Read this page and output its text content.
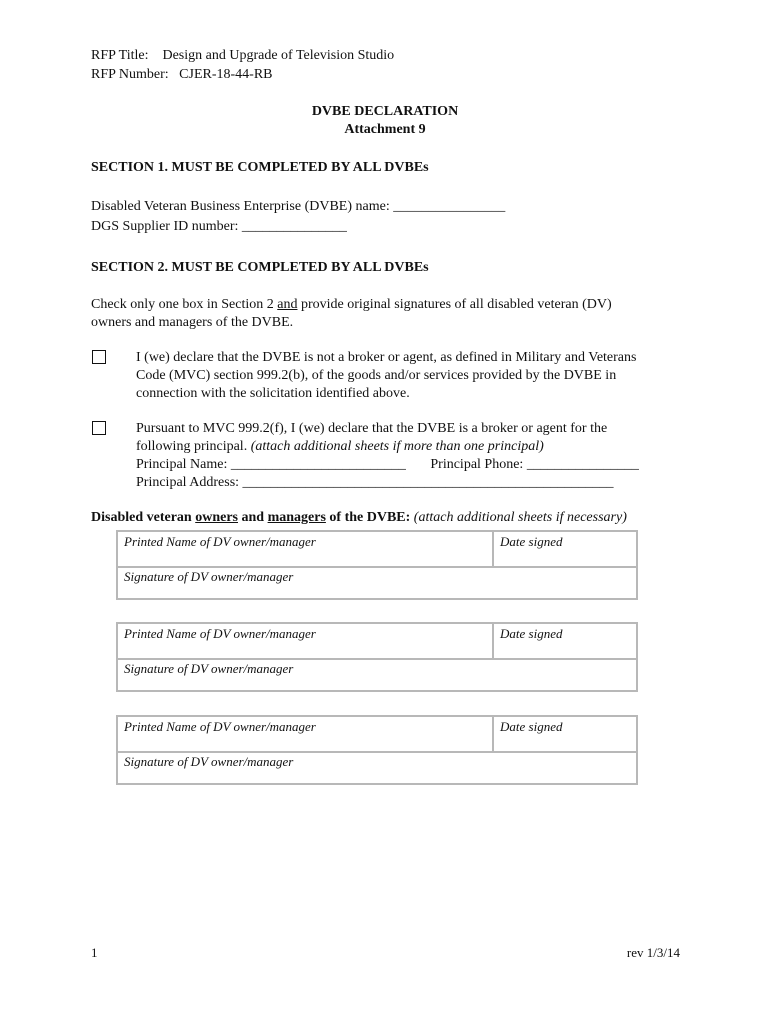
RFP Title: Design and Upgrade of Television Studio
RFP Number: CJER-18-44-RB
DVBE DECLARATION
Attachment 9
SECTION 1. MUST BE COMPLETED BY ALL DVBEs
Disabled Veteran Business Enterprise (DVBE) name: ________________
DGS Supplier ID number: _______________
SECTION 2. MUST BE COMPLETED BY ALL DVBEs
Check only one box in Section 2 and provide original signatures of all disabled veteran (DV)
owners and managers of the DVBE.
I (we) declare that the DVBE is not a broker or agent, as defined in Military and Veterans
Code (MVC) section 999.2(b), of the goods and/or services provided by the DVBE in
connection with the solicitation identified above.
Pursuant to MVC 999.2(f), I (we) declare that the DVBE is a broker or agent for the
following principal. (attach additional sheets if more than one principal)
Principal Name: _________________________ Principal Phone: ________________
Principal Address: _____________________________________________________
Disabled veteran owners and managers of the DVBE: (attach additional sheets if necessary)
Printed Name of DV owner/manager	Date signed
Signature of DV owner/manager
Printed Name of DV owner/manager	Date signed
Signature of DV owner/manager
Printed Name of DV owner/manager	Date signed
Signature of DV owner/manager
1	rev 1/3/14
